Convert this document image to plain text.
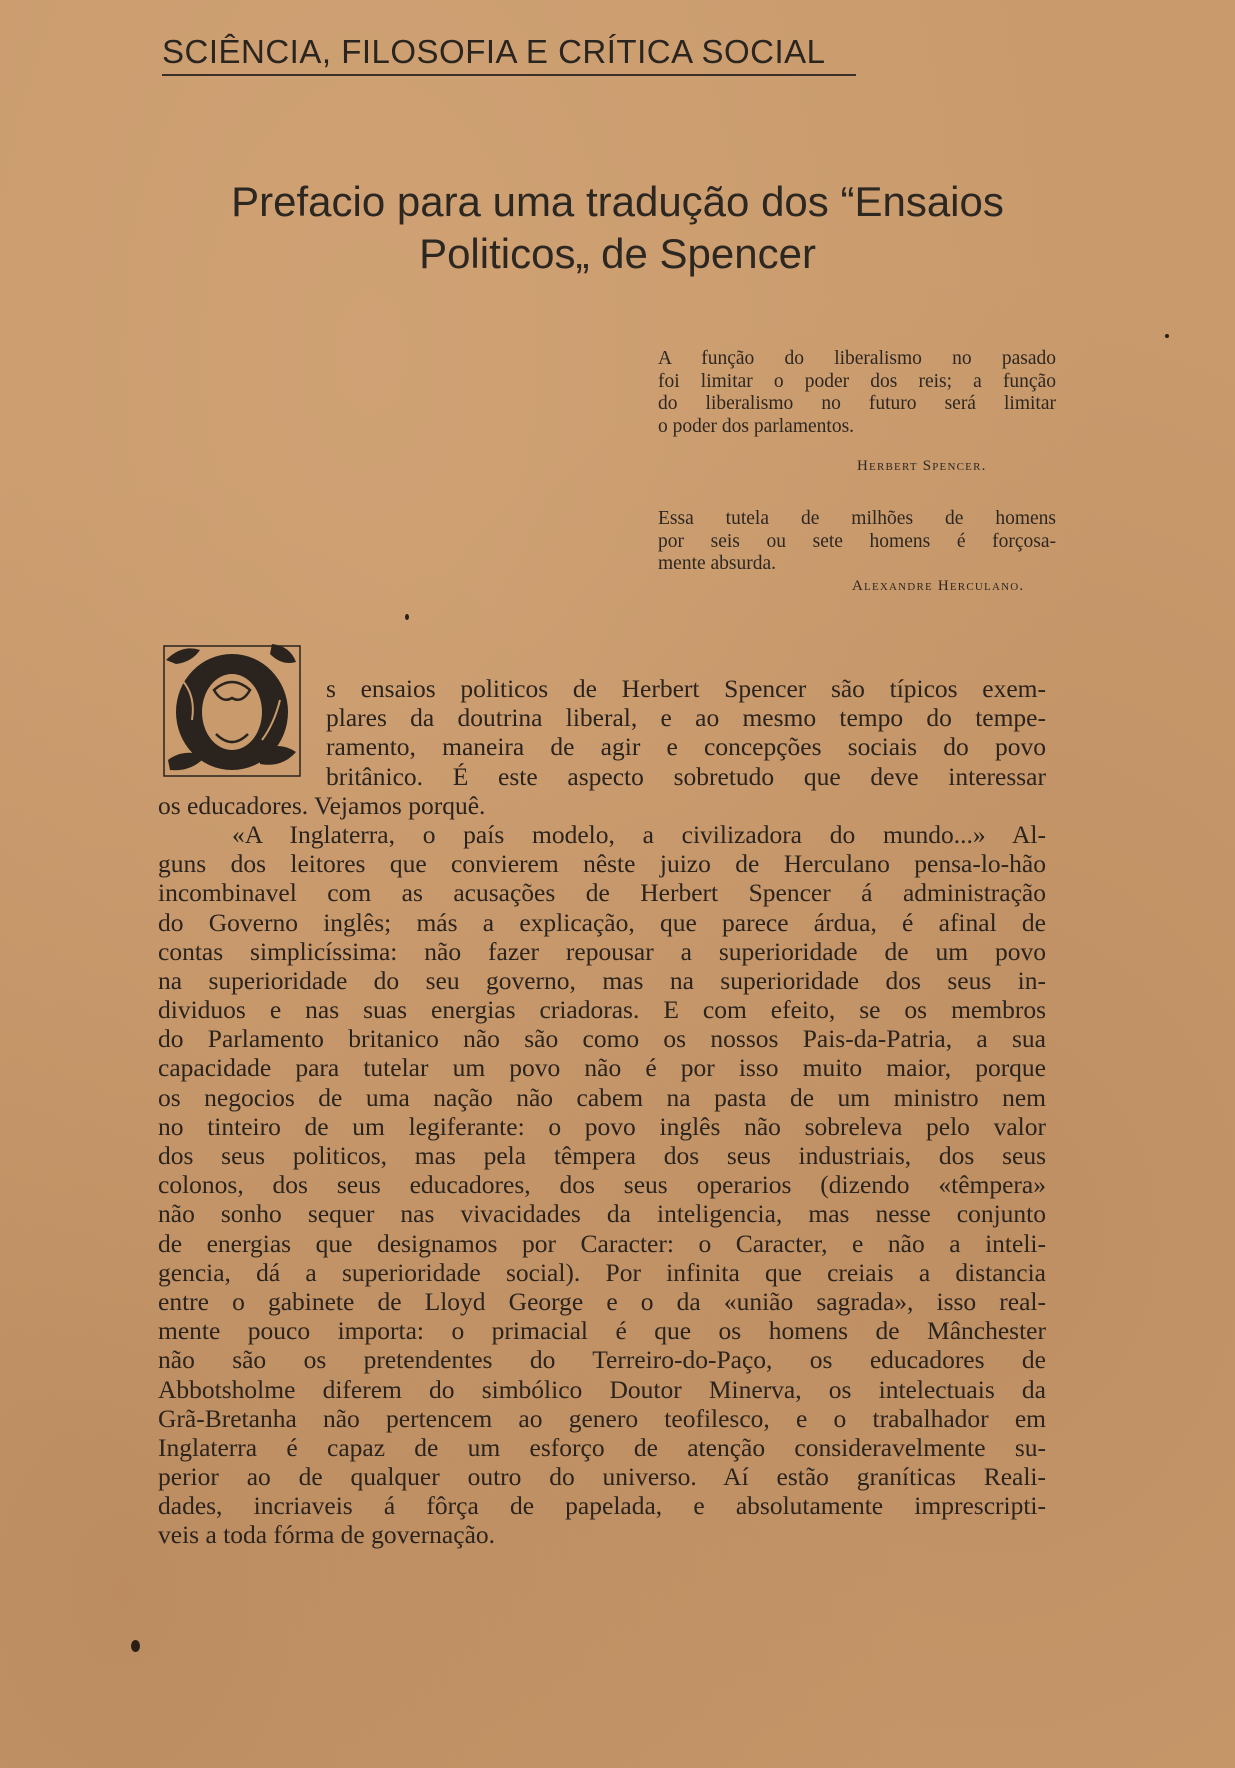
SCIÊNCIA, FILOSOFIA E CRÍTICA SOCIAL
Prefacio para uma tradução dos “Ensaios
Politicos„ de Spencer
A função do liberalismo no pasado
foi limitar o poder dos reis; a função
do liberalismo no futuro será limitar
o poder dos parlamentos.
Herbert Spencer.
Essa tutela de milhões de homens
por seis ou sete homens é forçosa-
mente absurda.
Alexandre Herculano.
s ensaios politicos de Herbert Spencer são típicos exem-
plares da doutrina liberal, e ao mesmo tempo do tempe-
ramento, maneira de agir e concepções sociais do povo
britânico. É este aspecto sobretudo que deve interessar
os educadores. Vejamos porquê.
«A Inglaterra, o país modelo, a civilizadora do mundo...» Al-
guns dos leitores que convierem nêste juizo de Herculano pensa-lo-hão
incombinavel com as acusações de Herbert Spencer á administração
do Governo inglês; más a explicação, que parece árdua, é afinal de
contas simplicíssima: não fazer repousar a superioridade de um povo
na superioridade do seu governo, mas na superioridade dos seus in-
dividuos e nas suas energias criadoras. E com efeito, se os membros
do Parlamento britanico não são como os nossos Pais-da-Patria, a sua
capacidade para tutelar um povo não é por isso muito maior, porque
os negocios de uma nação não cabem na pasta de um ministro nem
no tinteiro de um legiferante: o povo inglês não sobreleva pelo valor
dos seus politicos, mas pela têmpera dos seus industriais, dos seus
colonos, dos seus educadores, dos seus operarios (dizendo «têmpera»
não sonho sequer nas vivacidades da inteligencia, mas nesse conjunto
de energias que designamos por Caracter: o Caracter, e não a inteli-
gencia, dá a superioridade social). Por infinita que creiais a distancia
entre o gabinete de Lloyd George e o da «união sagrada», isso real-
mente pouco importa: o primacial é que os homens de Mânchester
não são os pretendentes do Terreiro-do-Paço, os educadores de
Abbotsholme diferem do simbólico Doutor Minerva, os intelectuais da
Grã-Bretanha não pertencem ao genero teofilesco, e o trabalhador em
Inglaterra é capaz de um esforço de atenção consideravelmente su-
perior ao de qualquer outro do universo. Aí estão graníticas Reali-
dades, incriaveis á fôrça de papelada, e absolutamente imprescripti-
veis a toda fórma de governação.
